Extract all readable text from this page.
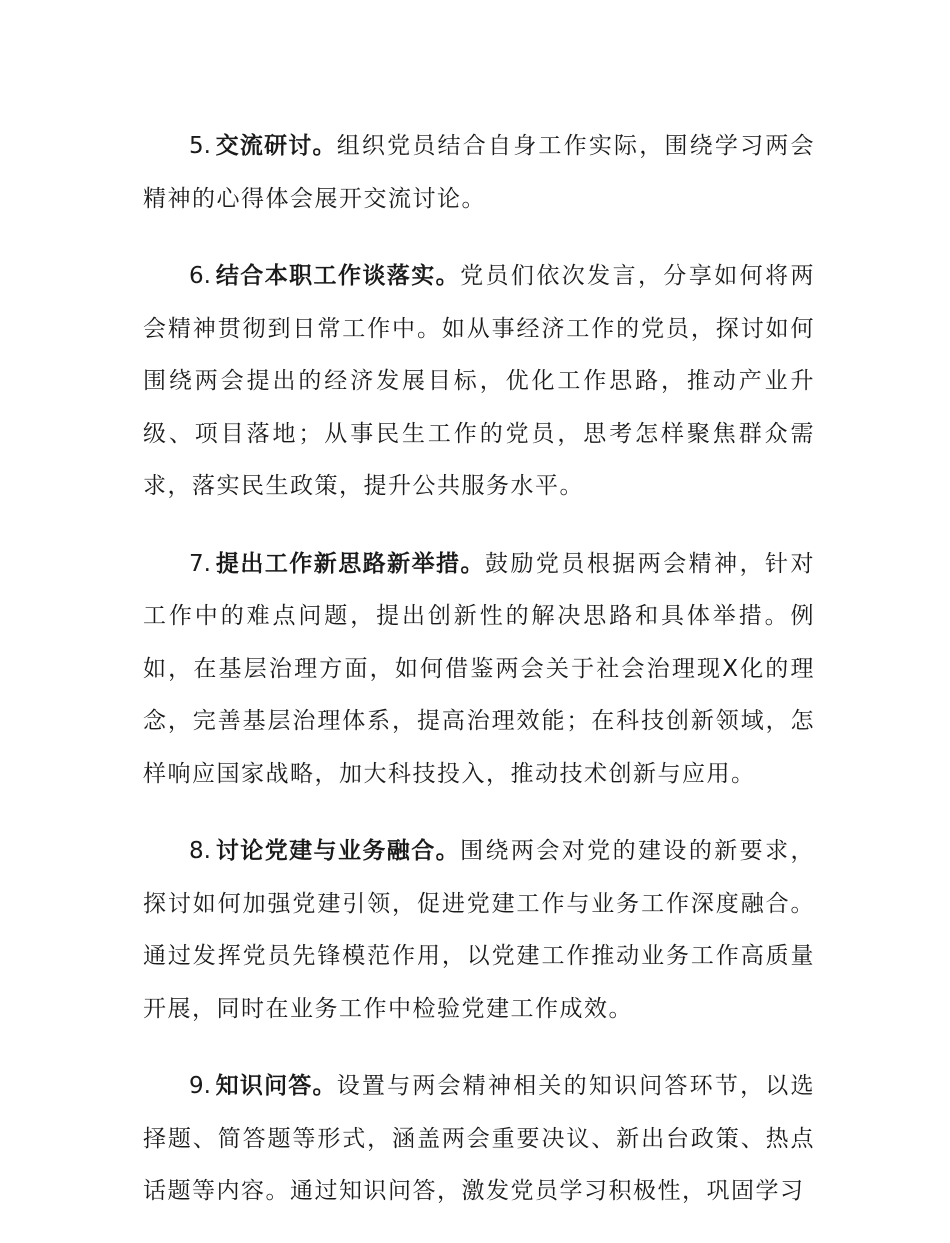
5. 交流研讨。组织党员结合自身工作实际，围绕学习两会精神的心得体会展开交流讨论。

6. 结合本职工作谈落实。党员们依次发言，分享如何将两会精神贯彻到日常工作中。如从事经济工作的党员，探讨如何围绕两会提出的经济发展目标，优化工作思路，推动产业升级、项目落地；从事民生工作的党员，思考怎样聚焦群众需求，落实民生政策，提升公共服务水平。

7. 提出工作新思路新举措。鼓励党员根据两会精神，针对工作中的难点问题，提出创新性的解决思路和具体举措。例如，在基层治理方面，如何借鉴两会关于社会治理现X化的理念，完善基层治理体系，提高治理效能；在科技创新领域，怎样响应国家战略，加大科技投入，推动技术创新与应用。

8. 讨论党建与业务融合。围绕两会对党的建设的新要求，探讨如何加强党建引领，促进党建工作与业务工作深度融合。通过发挥党员先锋模范作用，以党建工作推动业务工作高质量开展，同时在业务工作中检验党建工作成效。

9. 知识问答。设置与两会精神相关的知识问答环节，以选择题、简答题等形式，涵盖两会重要决议、新出台政策、热点话题等内容。通过知识问答，激发党员学习积极性，巩固学习
